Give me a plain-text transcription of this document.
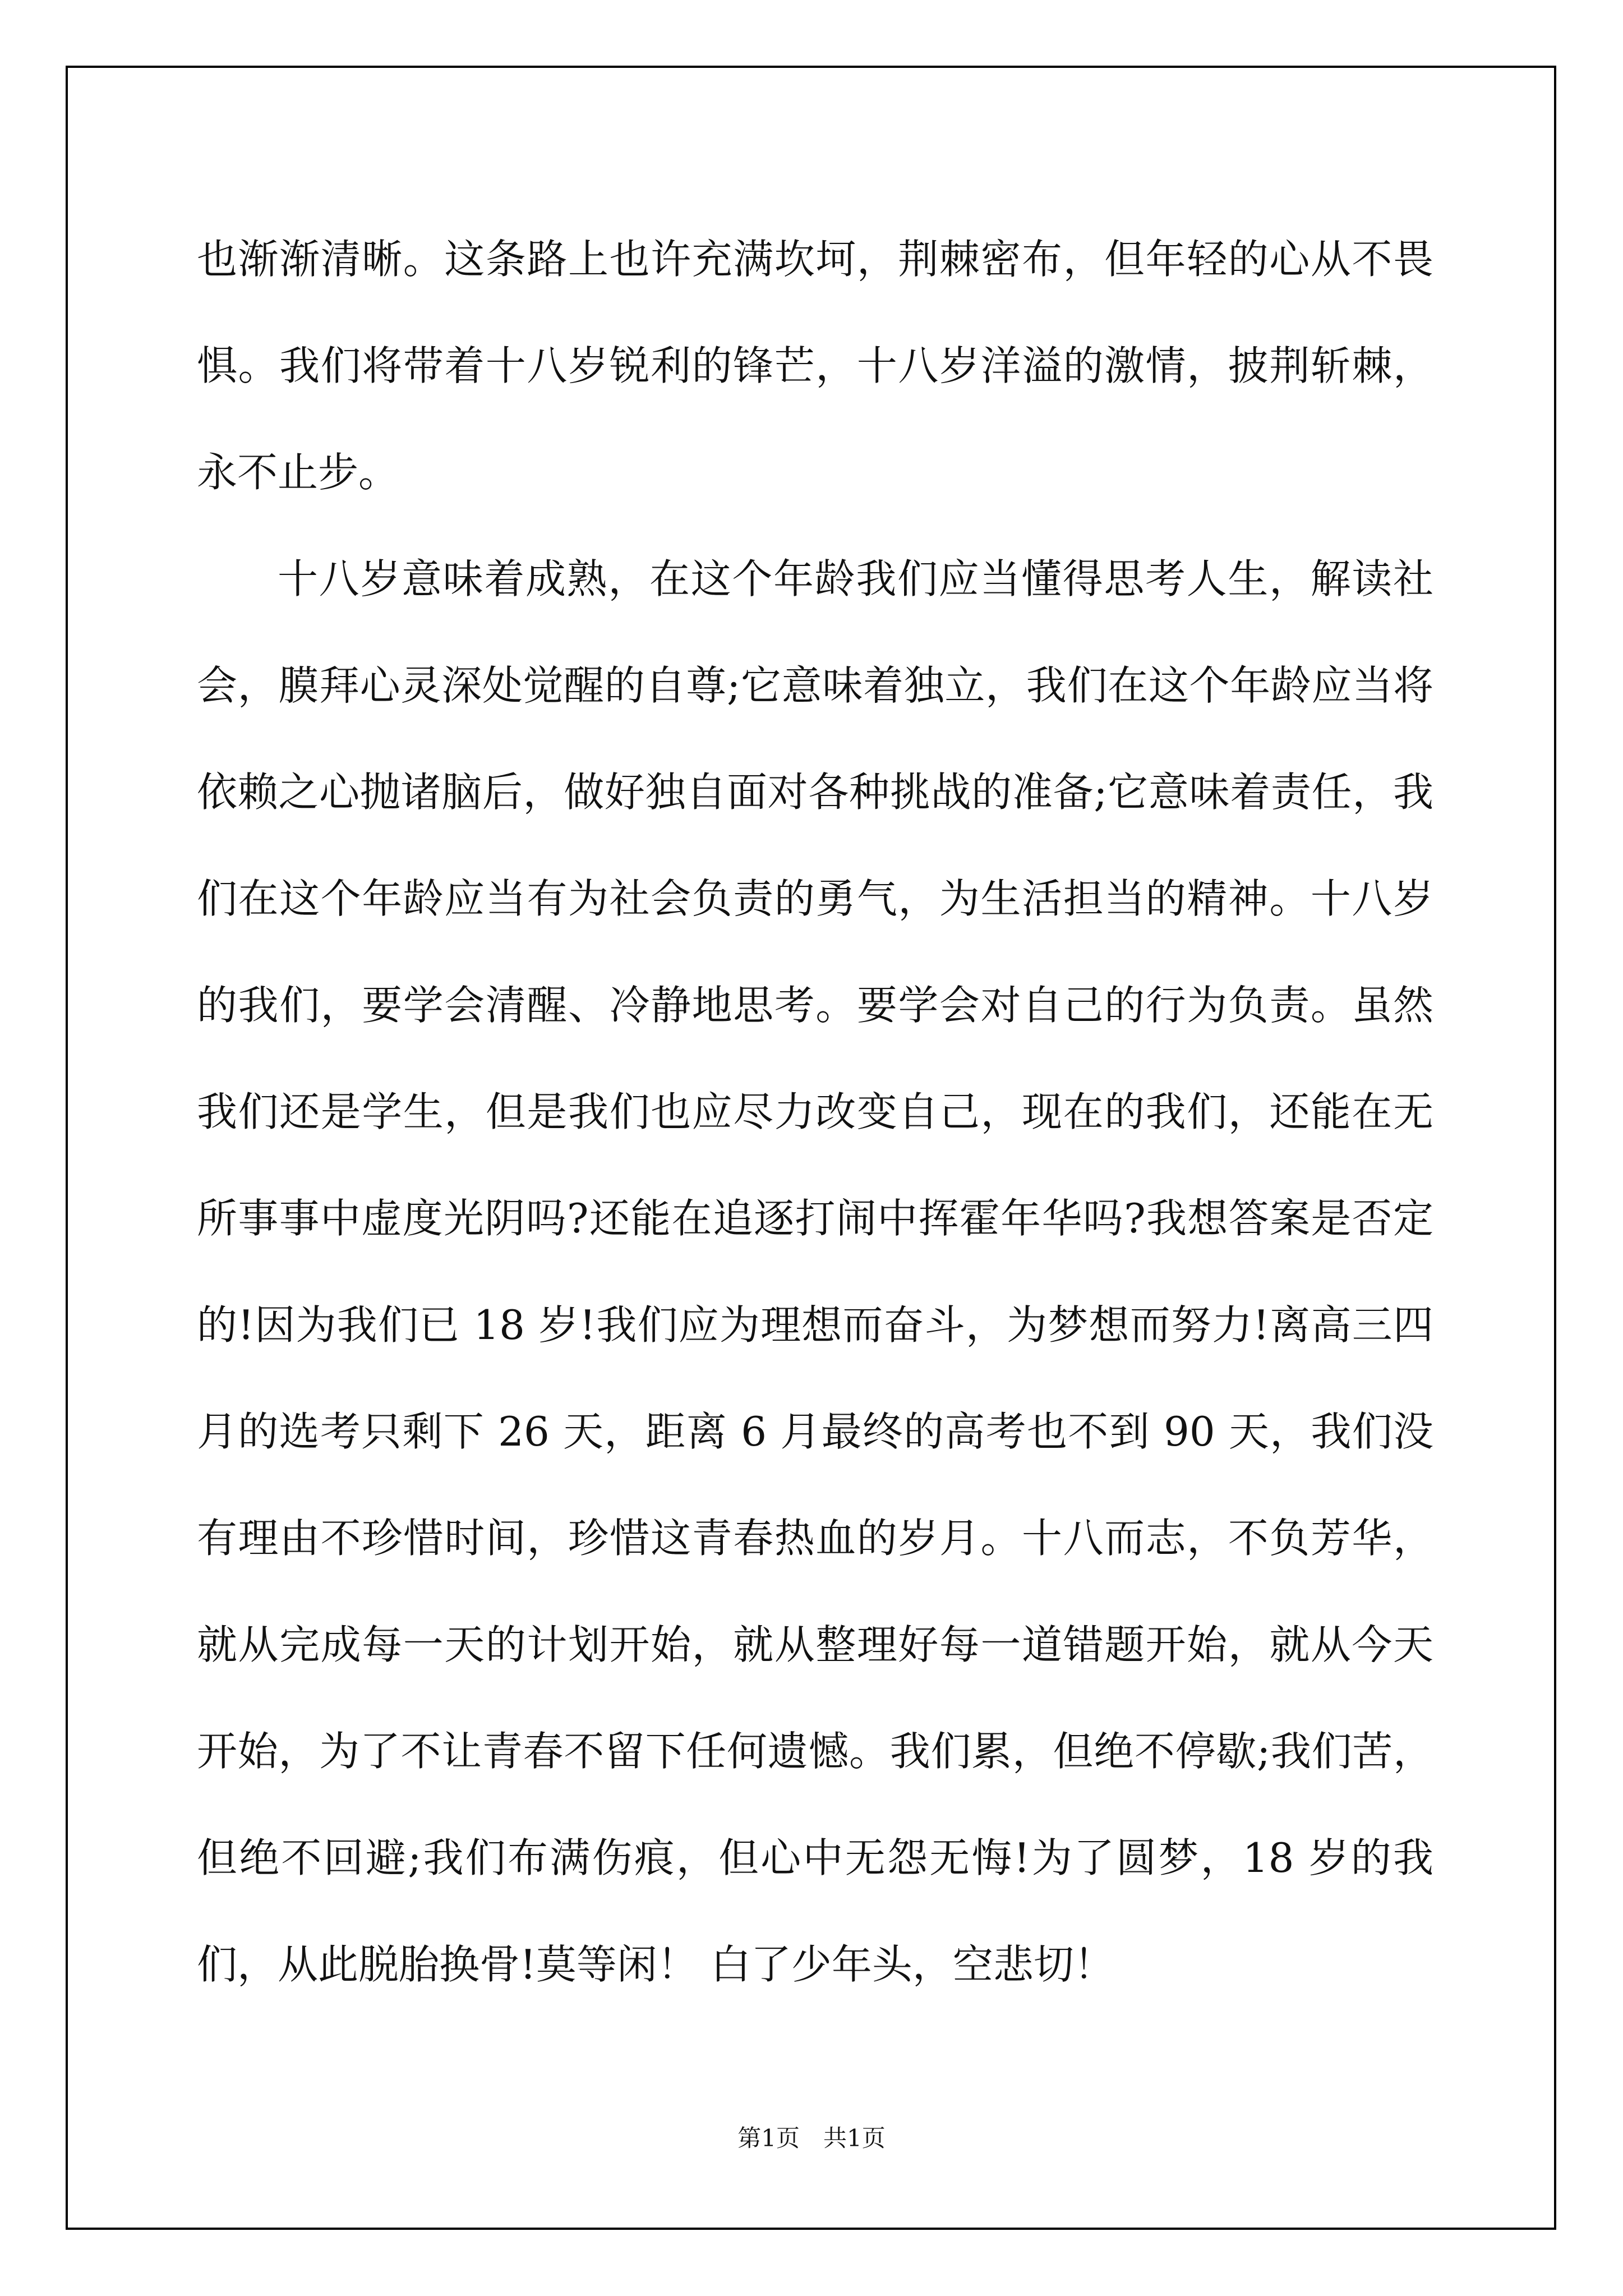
也渐渐清晰。这条路上也许充满坎坷，荆棘密布，但年轻的心从不畏惧。我们将带着十八岁锐利的锋芒，十八岁洋溢的激情，披荆斩棘，永不止步。

十八岁意味着成熟，在这个年龄我们应当懂得思考人生，解读社会，膜拜心灵深处觉醒的自尊;它意味着独立，我们在这个年龄应当将依赖之心抛诸脑后，做好独自面对各种挑战的准备;它意味着责任，我们在这个年龄应当有为社会负责的勇气，为生活担当的精神。十八岁的我们，要学会清醒、冷静地思考。要学会对自己的行为负责。虽然我们还是学生，但是我们也应尽力改变自己，现在的我们，还能在无所事事中虚度光阴吗?还能在追逐打闹中挥霍年华吗?我想答案是否定的!因为我们已 18 岁!我们应为理想而奋斗，为梦想而努力!离高三四月的选考只剩下 26 天，距离 6 月最终的高考也不到 90 天，我们没有理由不珍惜时间，珍惜这青春热血的岁月。十八而志，不负芳华，就从完成每一天的计划开始，就从整理好每一道错题开始，就从今天开始，为了不让青春不留下任何遗憾。我们累，但绝不停歇;我们苦，但绝不回避;我们布满伤痕，但心中无怨无悔!为了圆梦，18 岁的我们，从此脱胎换骨!莫等闲！ 白了少年头，空悲切！

第1页　共1页
